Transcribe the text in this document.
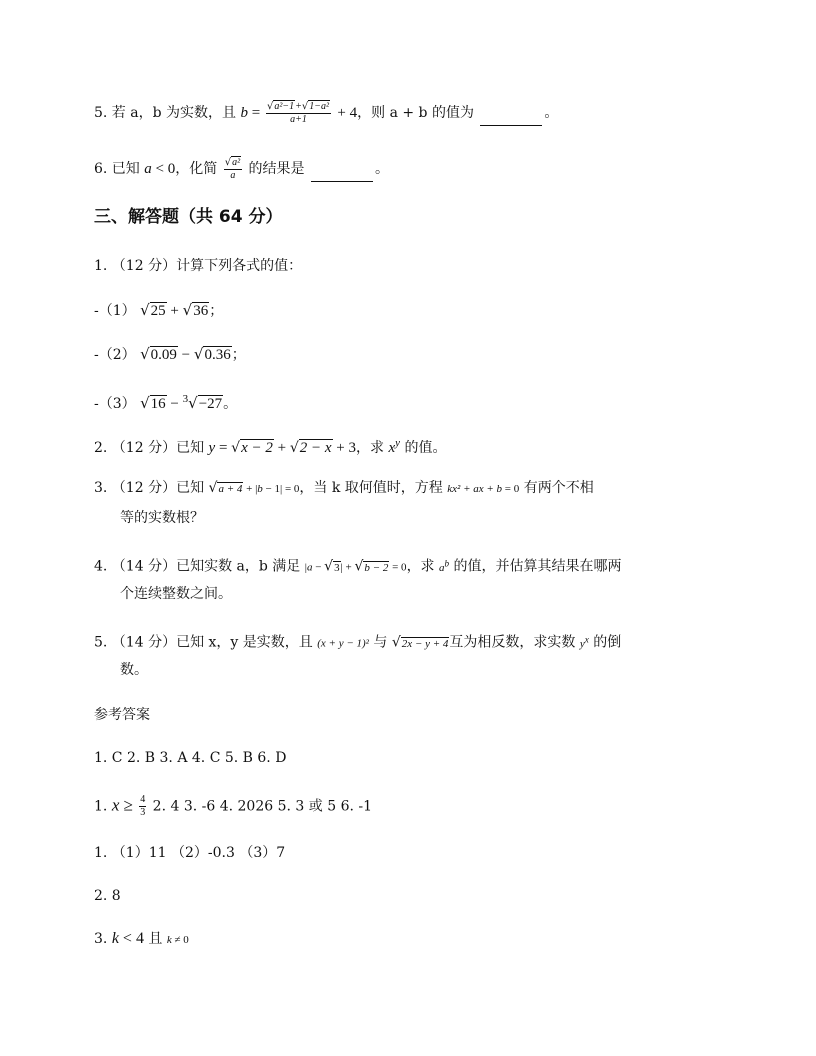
5. 若 a，b 为实数，且 $b = \frac{\text{√a²−1+√1−a²}}{a+1} + 4$，则 a + b 的值为	。
6. 已知 a < 0，化简 $\frac{\text{√a²}}{a}$ 的结果是	。
三、解答题（共 64 分）
1. （12 分）计算下列各式的值：
-（1） √25 + √36；
-（2） √0.09 − √0.36；
-（3） √16 − $^3$√−27。
2. （12 分）已知 y = √x − 2 + √2 − x + 3，求 $x^y$ 的值。
3. （12 分）已知 √a + 4 + |b − 1| = 0，当 k 取何值时，方程 kx² + ax + b = 0 有两个不相
等的实数根？
4. （14 分）已知实数 a，b 满足 |a − √3| + √b − 2 = 0，求 $a^b$ 的值，并估算其结果在哪两
个连续整数之间。
5. （14 分）已知 x，y 是实数，且 (x + y − 1)² 与 √2x − y + 4互为相反数，求实数 $y^x$ 的倒
数。
参考答案
1. C 2. B 3. A 4. C 5. B 6. D
1. $x \ge \frac{4}{3} 2$. 4 3. -6 4. 2026 5. 3 或 5 6. -1
1. （1）11 （2）-0.3 （3）7
2. 8
3. k < 4 且 k ≠ 0
